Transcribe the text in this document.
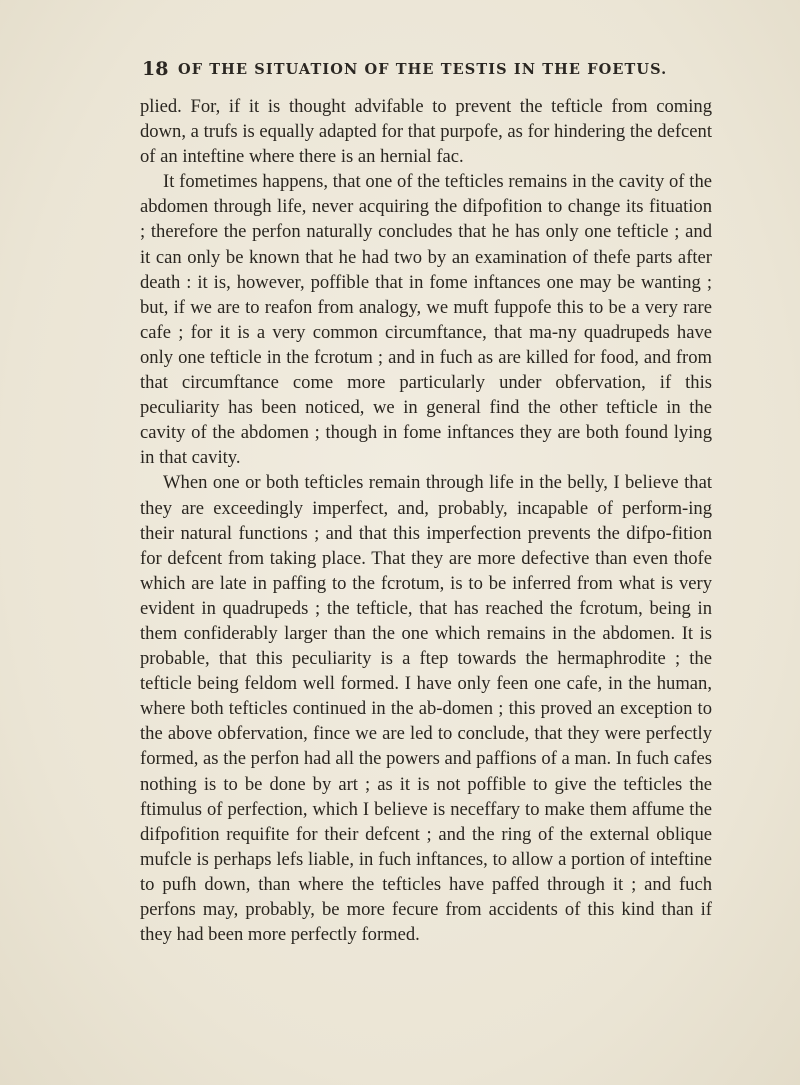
18 OF THE SITUATION OF THE TESTIS IN THE FOETUS.

plied. For, if it is thought advifable to prevent the tefticle from coming down, a trufs is equally adapted for that purpofe, as for hindering the defcent of an inteftine where there is an hernial fac.

It fometimes happens, that one of the tefticles remains in the cavity of the abdomen through life, never acquiring the difpofition to change its fituation ; therefore the perfon naturally concludes that he has only one tefticle ; and it can only be known that he had two by an examination of thefe parts after death : it is, however, poffible that in fome inftances one may be wanting ; but, if we are to reafon from analogy, we muft fuppofe this to be a very rare cafe ; for it is a very common circumftance, that ma-ny quadrupeds have only one tefticle in the fcrotum ; and in fuch as are killed for food, and from that circumftance come more particularly under obfervation, if this peculiarity has been noticed, we in general find the other tefticle in the cavity of the abdomen ; though in fome inftances they are both found lying in that cavity.

When one or both tefticles remain through life in the belly, I believe that they are exceedingly imperfect, and, probably, incapable of perform-ing their natural functions ; and that this imperfection prevents the difpo-fition for defcent from taking place. That they are more defective than even thofe which are late in paffing to the fcrotum, is to be inferred from what is very evident in quadrupeds ; the tefticle, that has reached the fcrotum, being in them confiderably larger than the one which remains in the abdomen. It is probable, that this peculiarity is a ftep towards the hermaphrodite ; the tefticle being feldom well formed. I have only feen one cafe, in the human, where both tefticles continued in the ab-domen ; this proved an exception to the above obfervation, fince we are led to conclude, that they were perfectly formed, as the perfon had all the powers and paffions of a man. In fuch cafes nothing is to be done by art ; as it is not poffible to give the tefticles the ftimulus of perfection, which I believe is neceffary to make them affume the difpofition requifite for their defcent ; and the ring of the external oblique mufcle is perhaps lefs liable, in fuch inftances, to allow a portion of inteftine to pufh down, than where the tefticles have paffed through it ; and fuch perfons may, probably, be more fecure from accidents of this kind than if they had been more perfectly formed.
